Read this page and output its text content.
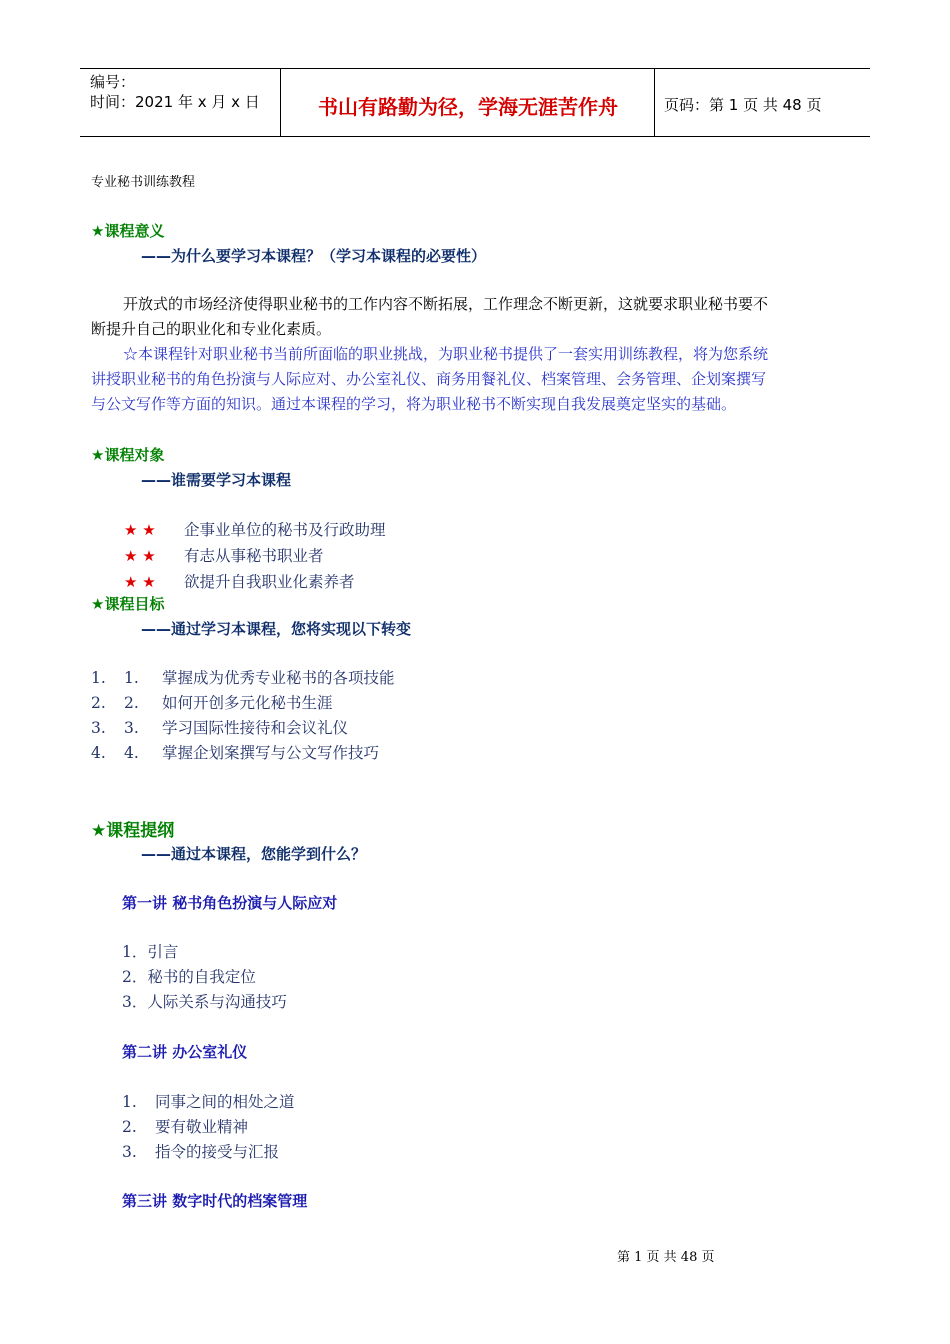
编号：
时间：2021 年 x 月 x 日	书山有路勤为径，学海无涯苦作舟	页码：第 1 页 共 48 页
专业秘书训练教程
★课程意义
——为什么要学习本课程？（学习本课程的必要性）
开放式的市场经济使得职业秘书的工作内容不断拓展，工作理念不断更新，这就要求职业秘书要不
断提升自己的职业化和专业化素质。
☆本课程针对职业秘书当前所面临的职业挑战，为职业秘书提供了一套实用训练教程，将为您系统
讲授职业秘书的角色扮演与人际应对、办公室礼仪、商务用餐礼仪、档案管理、会务管理、企划案撰写
与公文写作等方面的知识。通过本课程的学习，将为职业秘书不断实现自我发展奠定坚实的基础。
★课程对象
——谁需要学习本课程
★ ★ 企事业单位的秘书及行政助理
★ ★ 有志从事秘书职业者
★ ★ 欲提升自我职业化素养者
★课程目标
——通过学习本课程，您将实现以下转变
1. 1. 掌握成为优秀专业秘书的各项技能
2. 2. 如何开创多元化秘书生涯
3. 3. 学习国际性接待和会议礼仪
4. 4. 掌握企划案撰写与公文写作技巧
★课程提纲
——通过本课程，您能学到什么？
第一讲 秘书角色扮演与人际应对
1．引言
2．秘书的自我定位
3．人际关系与沟通技巧
第二讲 办公室礼仪
1. 同事之间的相处之道
2. 要有敬业精神
3. 指令的接受与汇报
第三讲 数字时代的档案管理
第 1 页 共 48 页
